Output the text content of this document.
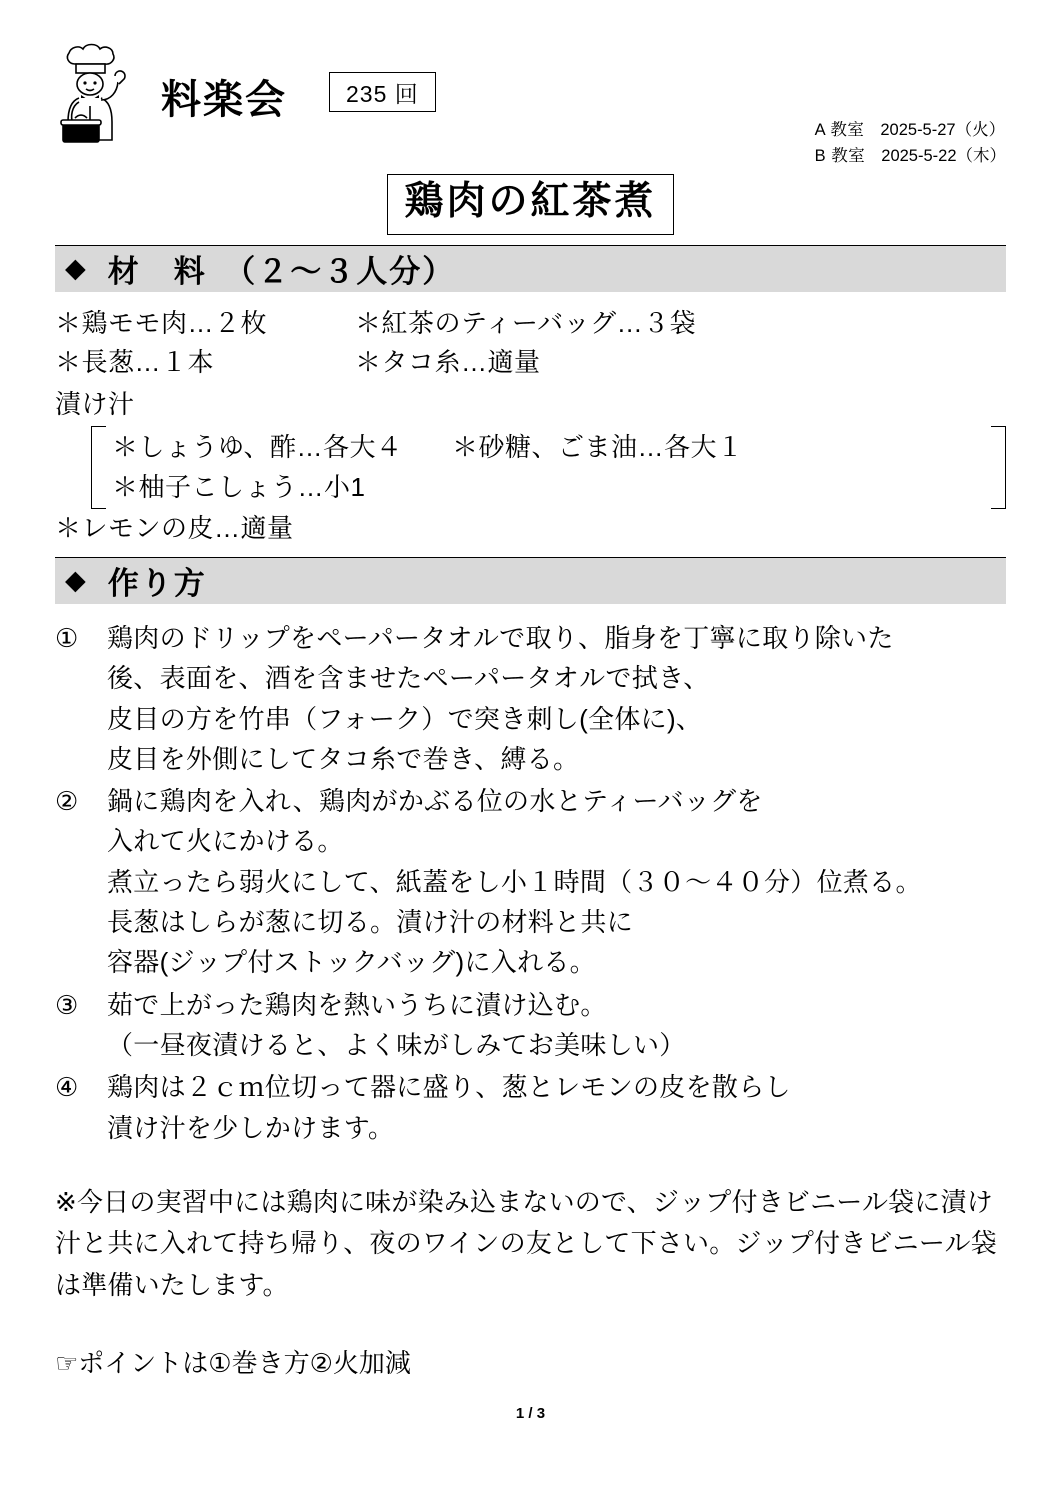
料楽会	235 回
A 教室 2025-5-27（火）
B 教室 2025-5-22（木）
鶏肉の紅茶煮
◆ 材　料　（２～３人分）
＊鶏モモ肉…２枚	＊紅茶のティーバッグ…３袋
＊長葱…１本	＊タコ糸…適量
漬け汁
＊しょうゆ、酢…各大４	＊砂糖、ごま油…各大１
＊柚子こしょう…小1
＊レモンの皮…適量
◆ 作り方
①	鶏肉のドリップをペーパータオルで取り、脂身を丁寧に取り除いた
後、表面を、酒を含ませたペーパータオルで拭き、
皮目の方を竹串（フォーク）で突き刺し(全体に)、
皮目を外側にしてタコ糸で巻き、縛る。
②	鍋に鶏肉を入れ、鶏肉がかぶる位の水とティーバッグを
入れて火にかける。
煮立ったら弱火にして、紙蓋をし小１時間（３０～４０分）位煮る。
長葱はしらが葱に切る。漬け汁の材料と共に
容器(ジップ付ストックバッグ)に入れる。
③	茹で上がった鶏肉を熱いうちに漬け込む。
（一昼夜漬けると、よく味がしみてお美味しい）
④	鶏肉は２ｃｍ位切って器に盛り、葱とレモンの皮を散らし
漬け汁を少しかけます。
※今日の実習中には鶏肉に味が染み込まないので、ジップ付きビニール袋に漬け汁と共に入れて持ち帰り、夜のワインの友として下さい。ジップ付きビニール袋は準備いたします。
☞ポイントは①巻き方②火加減
1 / 3
